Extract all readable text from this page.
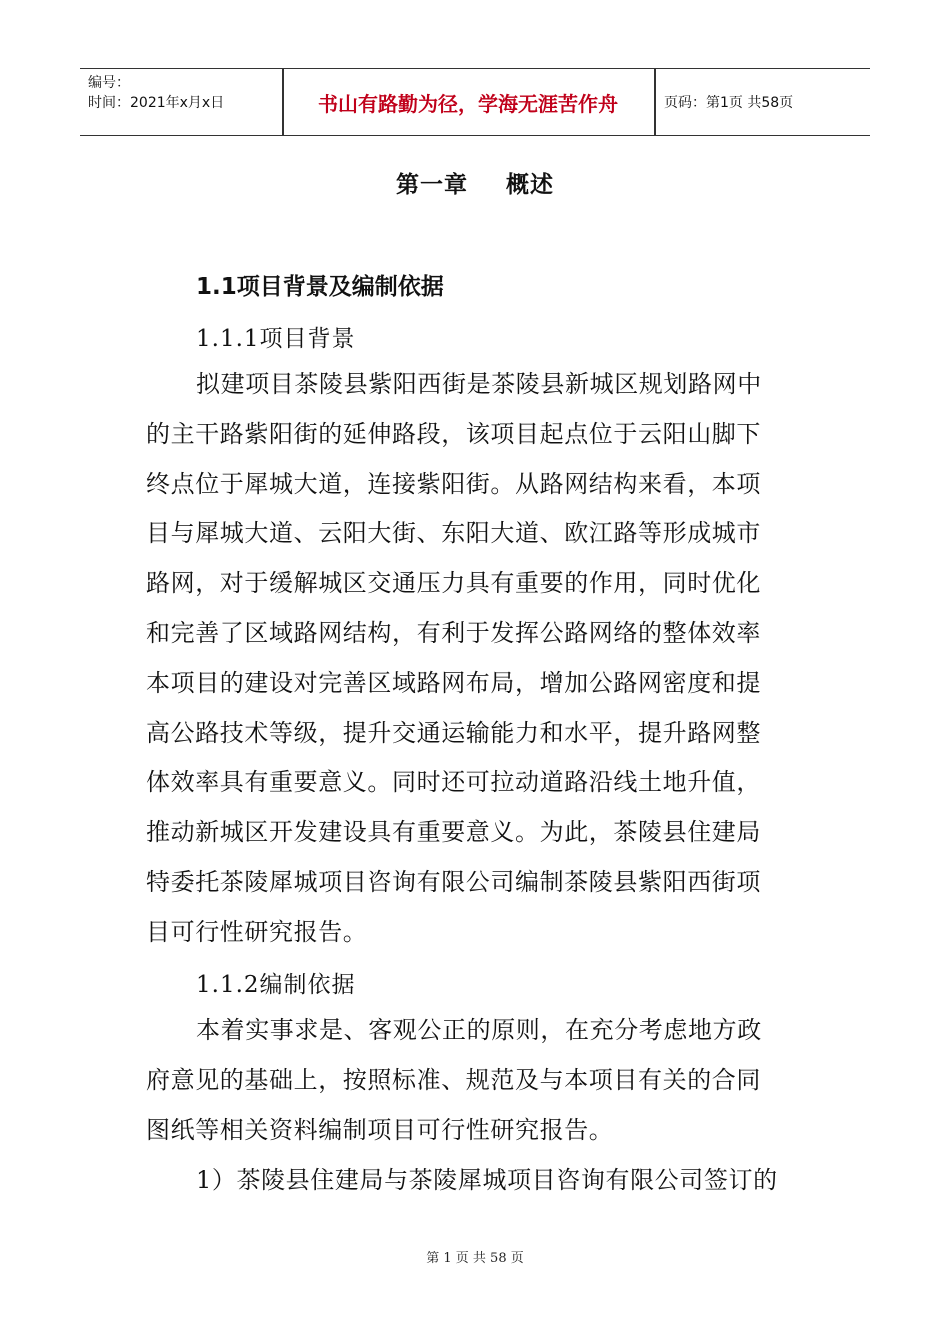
编号：
时间：2021年x月x日	书山有路勤为径，学海无涯苦作舟	页码：第1页 共58页
第一章 概述
1.1项目背景及编制依据
1.1.1项目背景
拟建项目茶陵县紫阳西街是茶陵县新城区规划路网中
的主干路紫阳街的延伸路段，该项目起点位于云阳山脚下
终点位于犀城大道，连接紫阳街。从路网结构来看，本项
目与犀城大道、云阳大街、东阳大道、欧江路等形成城市
路网，对于缓解城区交通压力具有重要的作用，同时优化
和完善了区域路网结构，有利于发挥公路网络的整体效率
本项目的建设对完善区域路网布局，增加公路网密度和提
高公路技术等级，提升交通运输能力和水平，提升路网整
体效率具有重要意义。同时还可拉动道路沿线土地升值，
推动新城区开发建设具有重要意义。为此，茶陵县住建局
特委托茶陵犀城项目咨询有限公司编制茶陵县紫阳西街项
目可行性研究报告。
1.1.2编制依据
本着实事求是、客观公正的原则，在充分考虑地方政
府意见的基础上，按照标准、规范及与本项目有关的合同
图纸等相关资料编制项目可行性研究报告。
1）茶陵县住建局与茶陵犀城项目咨询有限公司签订的
第 1 页 共 58 页
